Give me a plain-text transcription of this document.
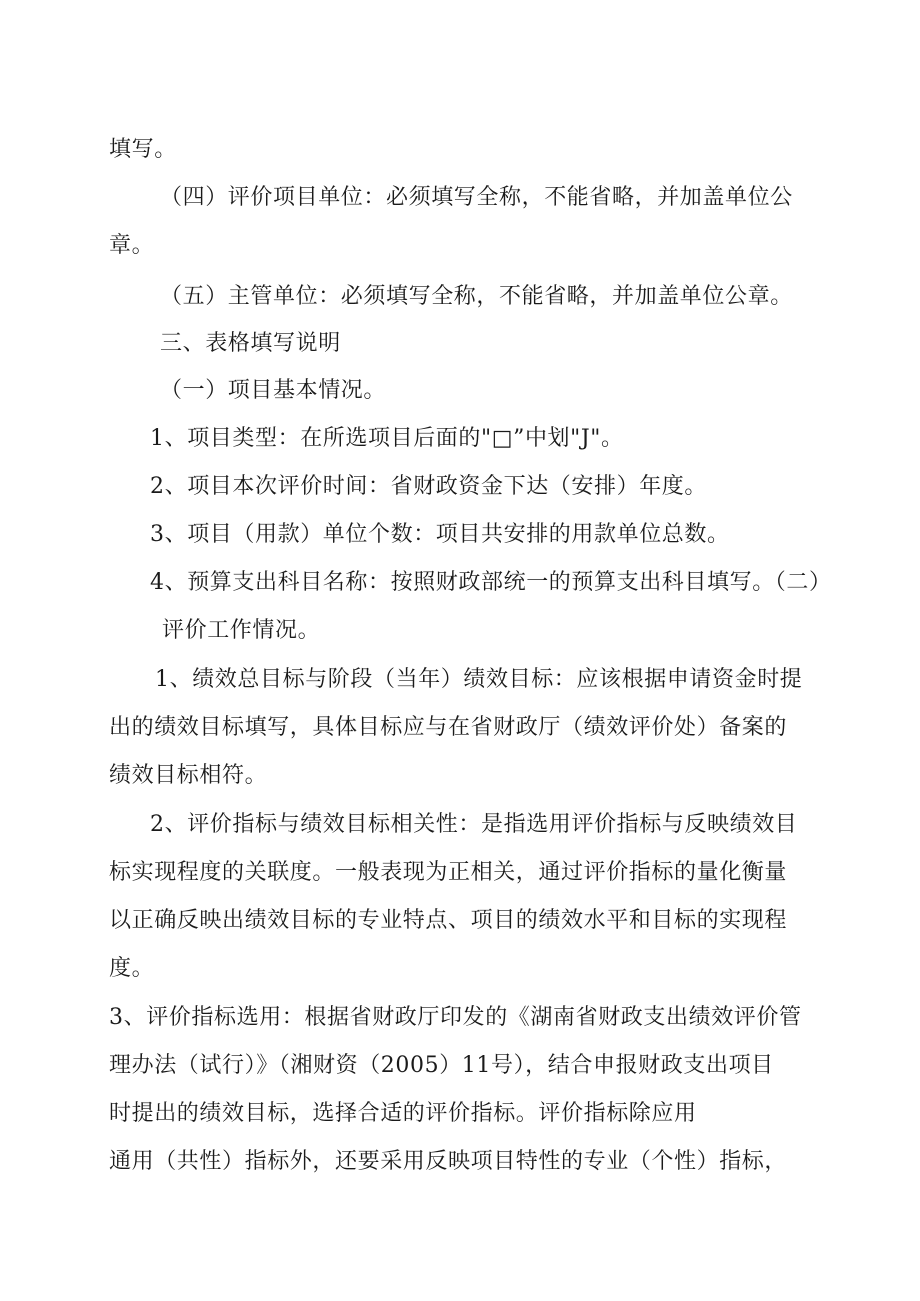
填写。
（四）评价项目单位：必须填写全称，不能省略，并加盖单位公
章。
（五）主管单位：必须填写全称，不能省略，并加盖单位公章。
三、表格填写说明
（一）项目基本情况。
1、项目类型：在所选项目后面的"□”中划"J"。
2、项目本次评价时间：省财政资金下达（安排）年度。
3、项目（用款）单位个数：项目共安排的用款单位总数。
4、预算支出科目名称：按照财政部统一的预算支出科目填写。（二）
评价工作情况。
1、绩效总目标与阶段（当年）绩效目标：应该根据申请资金时提
出的绩效目标填写，具体目标应与在省财政厅（绩效评价处）备案的
绩效目标相符。
2、评价指标与绩效目标相关性：是指选用评价指标与反映绩效目
标实现程度的关联度。一般表现为正相关，通过评价指标的量化衡量
以正确反映出绩效目标的专业特点、项目的绩效水平和目标的实现程
度。
3、评价指标选用：根据省财政厅印发的《湖南省财政支出绩效评价管
理办法（试行）》（湘财资（2005）11号），结合申报财政支出项目
时提出的绩效目标，选择合适的评价指标。评价指标除应用
通用（共性）指标外，还要采用反映项目特性的专业（个性）指标，
